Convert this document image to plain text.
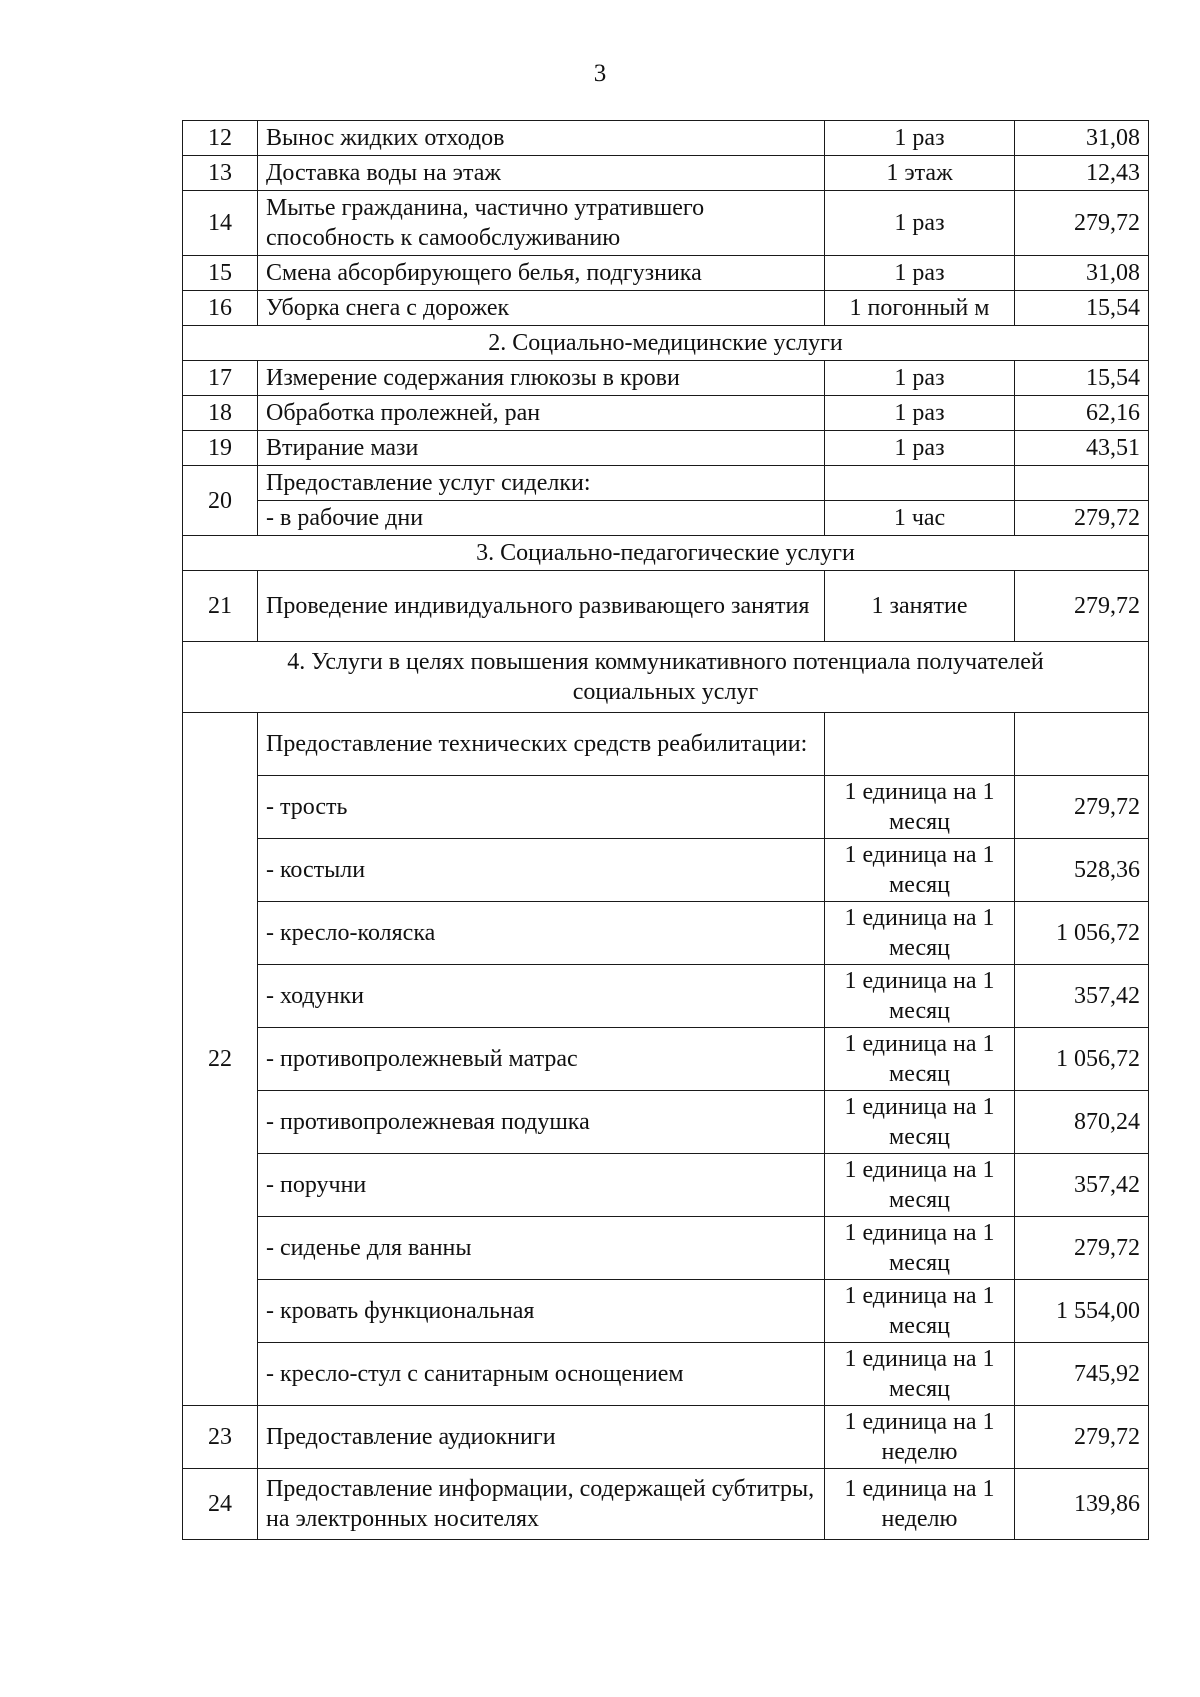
3
12	Вынос жидких отходов	1 раз	31,08
13	Доставка воды на этаж	1 этаж	12,43
14	Мытье гражданина, частично утратившего способность к самообслуживанию	1 раз	279,72
15	Смена абсорбирующего белья, подгузника	1 раз	31,08
16	Уборка снега с дорожек	1 погонный м	15,54
2. Социально-медицинские услуги			
17	Измерение содержания глюкозы в крови	1 раз	15,54
18	Обработка пролежней, ран	1 раз	62,16
19	Втирание мази	1 раз	43,51
20	Предоставление услуг сиделки:		
	- в рабочие дни	1 час	279,72
3. Социально-педагогические услуги			
21	Проведение индивидуального развивающего занятия	1 занятие	279,72
4. Услуги в целях повышения коммуникативного потенциала получателей социальных услуг			
22	Предоставление технических средств реабилитации:		
	- трость	1 единица на 1 месяц	279,72
	- костыли	1 единица на 1 месяц	528,36
	- кресло-коляска	1 единица на 1 месяц	1 056,72
	- ходунки	1 единица на 1 месяц	357,42
	- противопролежневый матрас	1 единица на 1 месяц	1 056,72
	- противопролежневая подушка	1 единица на 1 месяц	870,24
	- поручни	1 единица на 1 месяц	357,42
	- сиденье для ванны	1 единица на 1 месяц	279,72
	- кровать функциональная	1 единица на 1 месяц	1 554,00
	- кресло-стул с санитарным оснощением	1 единица на 1 месяц	745,92
23	Предоставление аудиокниги	1 единица на 1 неделю	279,72
24	Предоставление информации, содержащей субтитры, на электронных носителях	1 единица на 1 неделю	139,86
